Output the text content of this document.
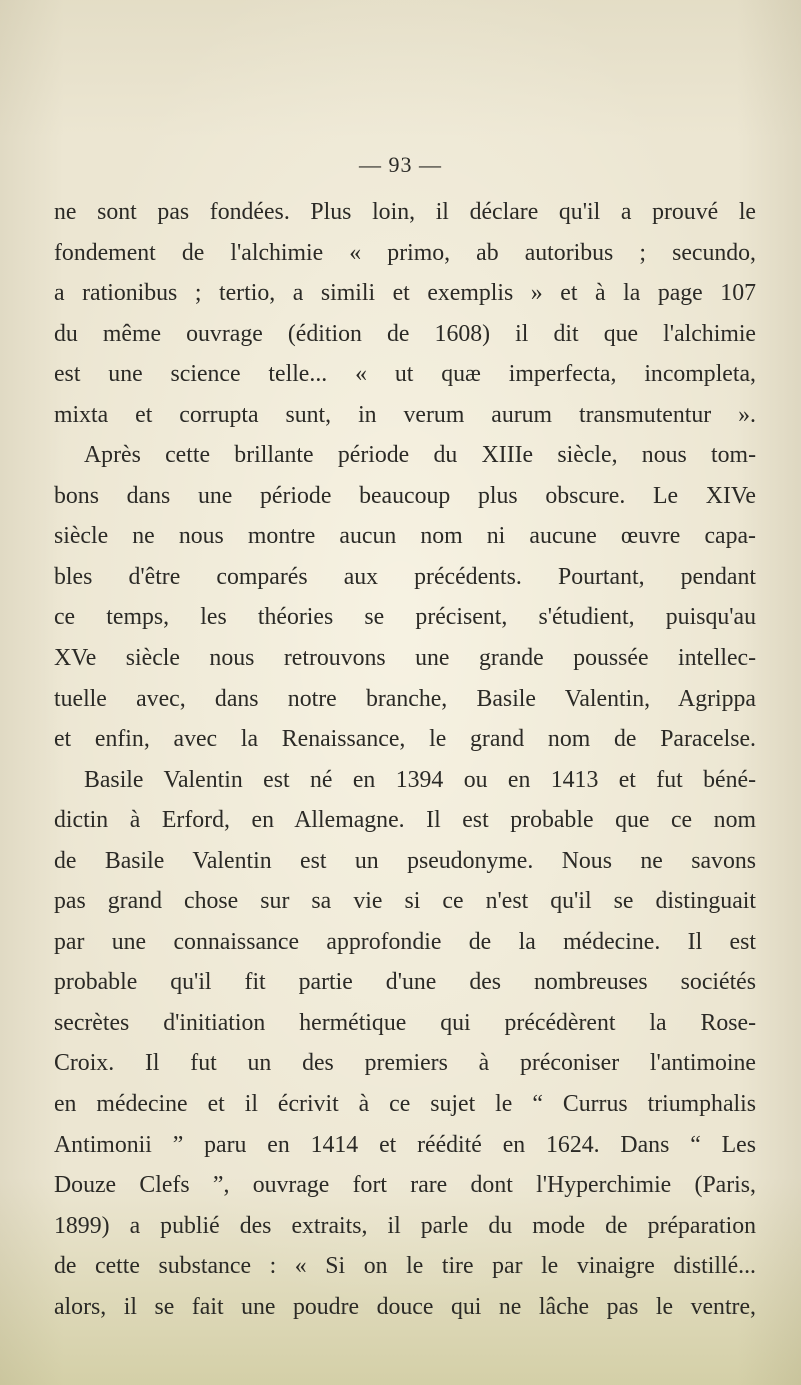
— 93 —
ne sont pas fondées. Plus loin, il déclare qu'il a prouvé le
fondement de l'alchimie « primo, ab autoribus ; secundo,
a rationibus ; tertio, a simili et exemplis » et à la page 107
du même ouvrage (édition de 1608) il dit que l'alchimie
est une science telle... « ut quæ imperfecta, incompleta,
mixta et corrupta sunt, in verum aurum transmutentur ».
Après cette brillante période du XIIIe siècle, nous tom-
bons dans une période beaucoup plus obscure. Le XIVe
siècle ne nous montre aucun nom ni aucune œuvre capa-
bles d'être comparés aux précédents. Pourtant, pendant
ce temps, les théories se précisent, s'étudient, puisqu'au
XVe siècle nous retrouvons une grande poussée intellec-
tuelle avec, dans notre branche, Basile Valentin, Agrippa
et enfin, avec la Renaissance, le grand nom de Paracelse.
Basile Valentin est né en 1394 ou en 1413 et fut béné-
dictin à Erford, en Allemagne. Il est probable que ce nom
de Basile Valentin est un pseudonyme. Nous ne savons
pas grand chose sur sa vie si ce n'est qu'il se distinguait
par une connaissance approfondie de la médecine. Il est
probable qu'il fit partie d'une des nombreuses sociétés
secrètes d'initiation hermétique qui précédèrent la Rose-
Croix. Il fut un des premiers à préconiser l'antimoine
en médecine et il écrivit à ce sujet le “ Currus triumphalis
Antimonii ” paru en 1414 et réédité en 1624. Dans “ Les
Douze Clefs ”, ouvrage fort rare dont l'Hyperchimie (Paris,
1899) a publié des extraits, il parle du mode de préparation
de cette substance : « Si on le tire par le vinaigre distillé...
alors, il se fait une poudre douce qui ne lâche pas le ventre,
